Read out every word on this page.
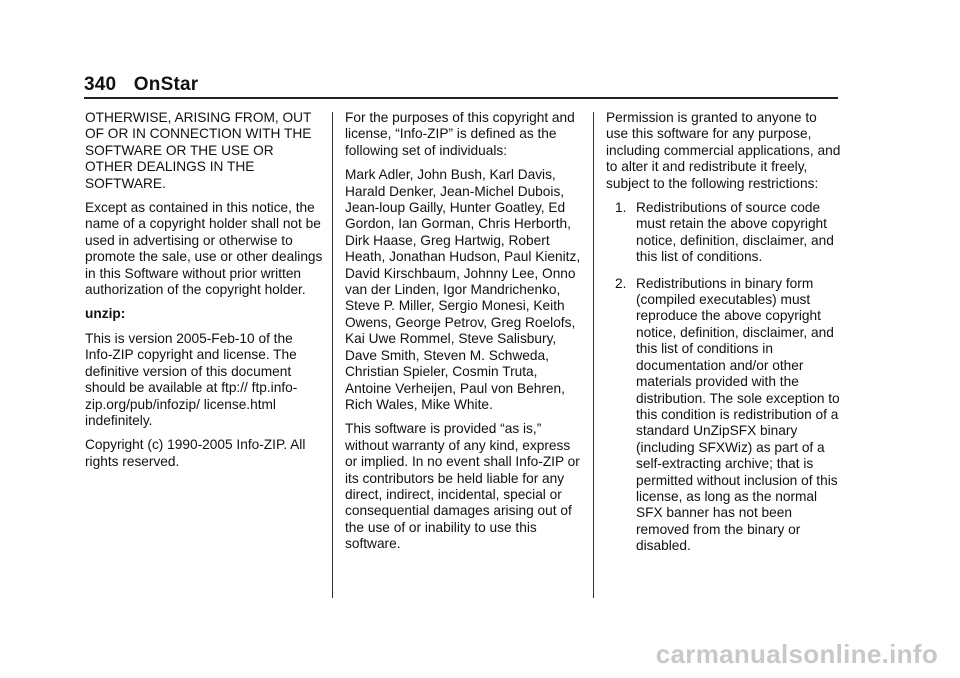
340 OnStar

OTHERWISE, ARISING FROM, OUT OF OR IN CONNECTION WITH THE SOFTWARE OR THE USE OR OTHER DEALINGS IN THE SOFTWARE.

Except as contained in this notice, the name of a copyright holder shall not be used in advertising or otherwise to promote the sale, use or other dealings in this Software without prior written authorization of the copyright holder.

unzip:

This is version 2005-Feb-10 of the Info-ZIP copyright and license. The definitive version of this document should be available at ftp:// ftp.info-zip.org/pub/infozip/ license.html indefinitely.

Copyright (c) 1990-2005 Info-ZIP. All rights reserved.

For the purposes of this copyright and license, “Info-ZIP” is defined as the following set of individuals:

Mark Adler, John Bush, Karl Davis, Harald Denker, Jean-Michel Dubois, Jean-loup Gailly, Hunter Goatley, Ed Gordon, Ian Gorman, Chris Herborth, Dirk Haase, Greg Hartwig, Robert Heath, Jonathan Hudson, Paul Kienitz, David Kirschbaum, Johnny Lee, Onno van der Linden, Igor Mandrichenko, Steve P. Miller, Sergio Monesi, Keith Owens, George Petrov, Greg Roelofs, Kai Uwe Rommel, Steve Salisbury, Dave Smith, Steven M. Schweda, Christian Spieler, Cosmin Truta, Antoine Verheijen, Paul von Behren, Rich Wales, Mike White.

This software is provided “as is,” without warranty of any kind, express or implied. In no event shall Info-ZIP or its contributors be held liable for any direct, indirect, incidental, special or consequential damages arising out of the use of or inability to use this software.

Permission is granted to anyone to use this software for any purpose, including commercial applications, and to alter it and redistribute it freely, subject to the following restrictions:

1. Redistributions of source code must retain the above copyright notice, definition, disclaimer, and this list of conditions.
2. Redistributions in binary form (compiled executables) must reproduce the above copyright notice, definition, disclaimer, and this list of conditions in documentation and/or other materials provided with the distribution. The sole exception to this condition is redistribution of a standard UnZipSFX binary (including SFXWiz) as part of a self-extracting archive; that is permitted without inclusion of this license, as long as the normal SFX banner has not been removed from the binary or disabled.
carmanualsonline.info
